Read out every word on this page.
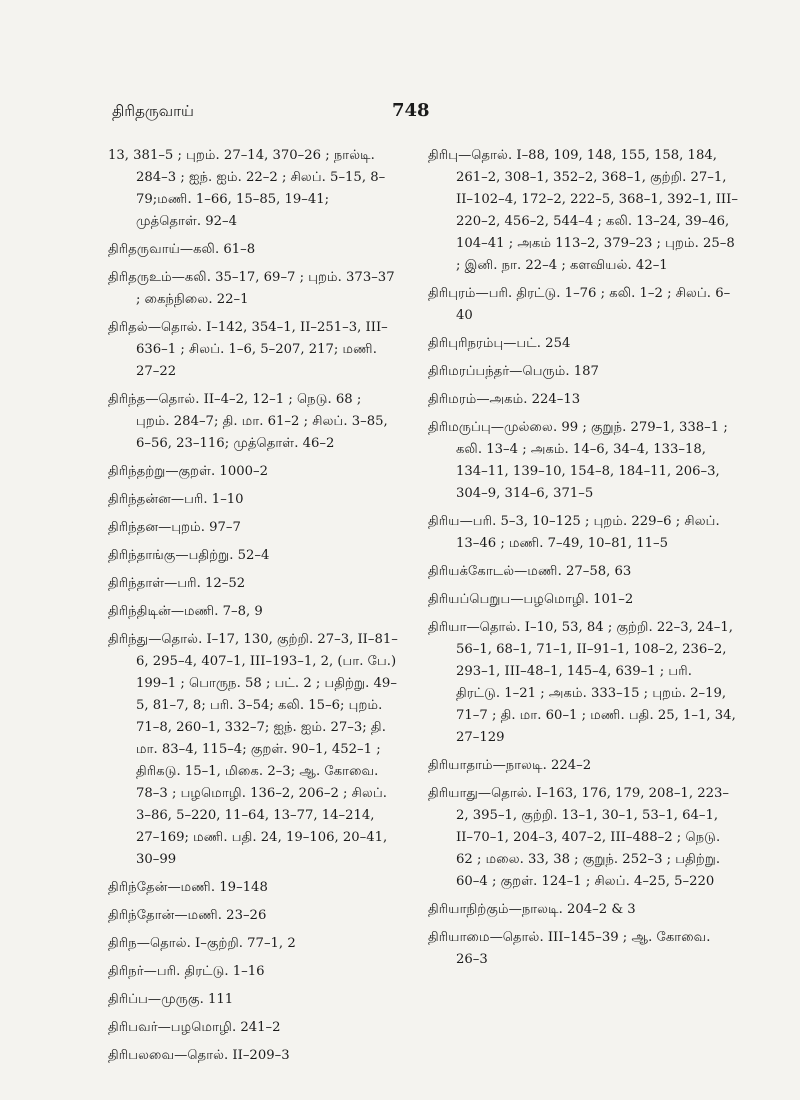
திரிதருவாய்	748

13, 381–5 ; புறம். 27–14, 370–26 ; நால்டி. 284–3 ; ஐந். ஐம். 22–2 ; சிலப். 5–15, 8–79;மணி. 1–66, 15–85, 19–41; முத்தொள். 92–4

திரிதருவாய்—கலி. 61–8

திரிதருஉம்—கலி. 35–17, 69–7 ; புறம். 373–37 ; கைந்நிலை. 22–1

திரிதல்—தொல். I–142, 354–1, II–251–3, III–636–1 ; சிலப். 1–6, 5–207, 217; மணி. 27–22

திரிந்த—தொல். II–4–2, 12–1 ; நெடு. 68 ; புறம். 284–7; தி. மா. 61–2 ; சிலப். 3–85, 6–56, 23–116; முத்தொள். 46–2

திரிந்தற்று—குறள். 1000–2

திரிந்தன்ன—பரி. 1–10

திரிந்தன—புறம். 97–7

திரிந்தாங்கு—பதிற்று. 52–4

திரிந்தாள்—பரி. 12–52

திரிந்திடின்—மணி. 7–8, 9

திரிந்து—தொல். I–17, 130, குற்றி. 27–3, II–81–6, 295–4, 407–1, III–193–1, 2, (பா. பே.) 199–1 ; பொருந. 58 ; பட். 2 ; பதிற்று. 49–5, 81–7, 8; பரி. 3–54; கலி. 15–6; புறம். 71–8, 260–1, 332–7; ஐந். ஐம். 27–3; தி. மா. 83–4, 115–4; குறள். 90–1, 452–1 ; திரிகடு. 15–1, மிகை. 2–3; ஆ. கோவை. 78–3 ; பழமொழி. 136–2, 206–2 ; சிலப். 3–86, 5–220, 11–64, 13–77, 14–214, 27–169; மணி. பதி. 24, 19–106, 20–41, 30–99

திரிந்தேன்—மணி. 19–148

திரிந்தோன்—மணி. 23–26

திரிந—தொல். I–குற்றி. 77–1, 2

திரிநர்—பரி. திரட்டு. 1–16

திரிப்ப—முருகு. 111

திரிபவர்—பழமொழி. 241–2

திரிபலவை—தொல். II–209–3

திரிபு—தொல். I–88, 109, 148, 155, 158, 184, 261–2, 308–1, 352–2, 368–1, குற்றி. 27–1, II–102–4, 172–2, 222–5, 368–1, 392–1, III–220–2, 456–2, 544–4 ; கலி. 13–24, 39–46, 104–41 ; அகம் 113–2, 379–23 ; புறம். 25–8 ; இனி. நா. 22–4 ; களவியல். 42–1

திரிபுரம்—பரி. திரட்டு. 1–76 ; கலி. 1–2 ; சிலப். 6–40

திரிபுரிநரம்பு—பட். 254

திரிமரப்பந்தர்—பெரும். 187

திரிமரம்—அகம். 224–13

திரிமருப்பு—முல்லை. 99 ; குறுந். 279–1, 338–1 ; கலி. 13–4 ; அகம். 14–6, 34–4, 133–18, 134–11, 139–10, 154–8, 184–11, 206–3, 304–9, 314–6, 371–5

திரிய—பரி. 5–3, 10–125 ; புறம். 229–6 ; சிலப். 13–46 ; மணி. 7–49, 10–81, 11–5

திரியக்கோடல்—மணி. 27–58, 63

திரியப்பெறுப—பழமொழி. 101–2

திரியா—தொல். I–10, 53, 84 ; குற்றி. 22–3, 24–1, 56–1, 68–1, 71–1, II–91–1, 108–2, 236–2, 293–1, III–48–1, 145–4, 639–1 ; பரி. திரட்டு. 1–21 ; அகம். 333–15 ; புறம். 2–19, 71–7 ; தி. மா. 60–1 ; மணி. பதி. 25, 1–1, 34, 27–129

திரியாதாம்—நாலடி. 224–2

திரியாது—தொல். I–163, 176, 179, 208–1, 223–2, 395–1, குற்றி. 13–1, 30–1, 53–1, 64–1, II–70–1, 204–3, 407–2, III–488–2 ; நெடு. 62 ; மலை. 33, 38 ; குறுந். 252–3 ; பதிற்று. 60–4 ; குறள். 124–1 ; சிலப். 4–25, 5–220

திரியாநிற்கும்—நாலடி. 204–2 & 3

திரியாமை—தொல். III–145–39 ; ஆ. கோவை. 26–3
